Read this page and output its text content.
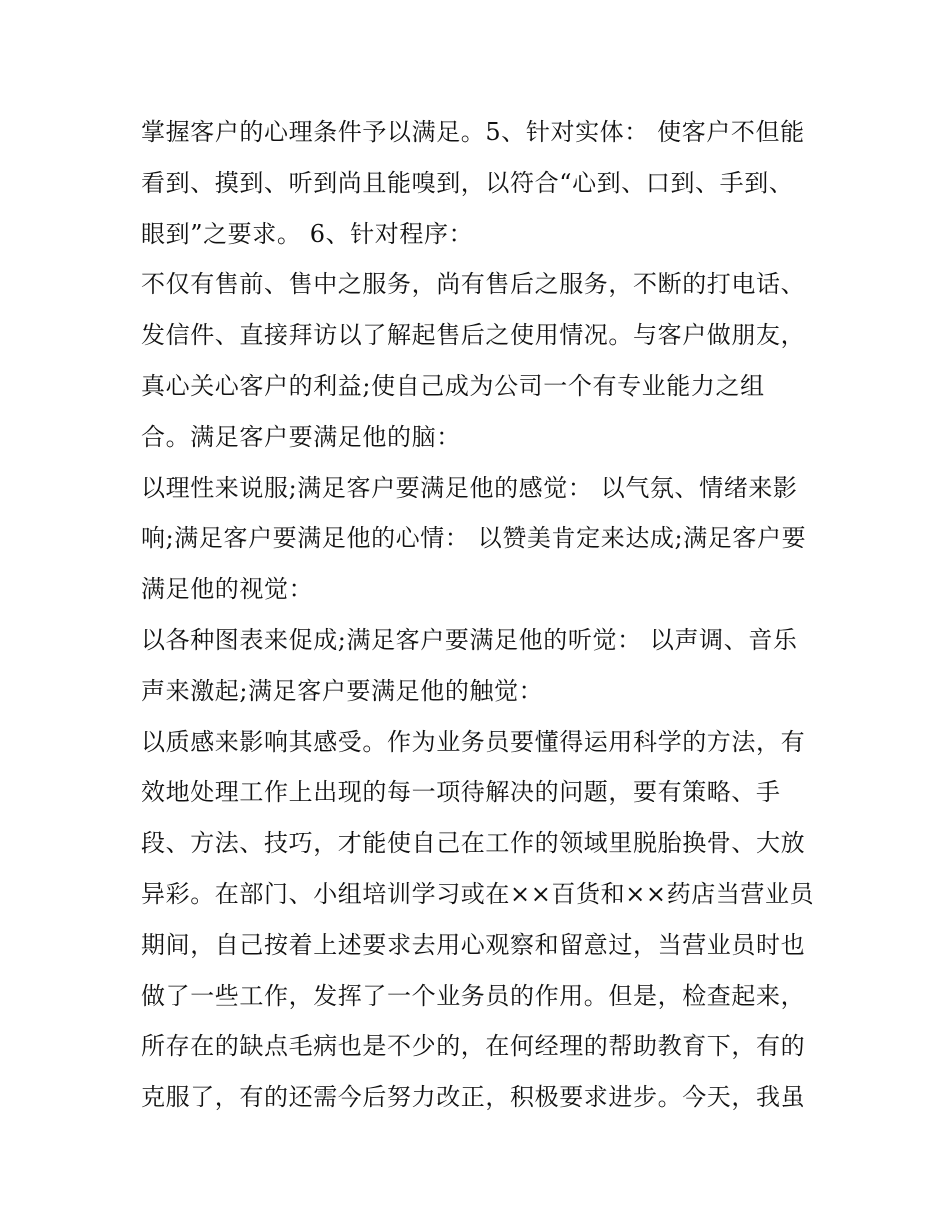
掌握客户的心理条件予以满足。5、针对实体： 使客户不但能
看到、摸到、听到尚且能嗅到，以符合“心到、口到、手到、
眼到”之要求。 6、针对程序：
不仅有售前、售中之服务，尚有售后之服务，不断的打电话、
发信件、直接拜访以了解起售后之使用情况。与客户做朋友，
真心关心客户的利益;使自己成为公司一个有专业能力之组
合。满足客户要满足他的脑：
以理性来说服;满足客户要满足他的感觉： 以气氛、情绪来影
响;满足客户要满足他的心情： 以赞美肯定来达成;满足客户要
满足他的视觉：
以各种图表来促成;满足客户要满足他的听觉： 以声调、音乐
声来激起;满足客户要满足他的触觉：
以质感来影响其感受。作为业务员要懂得运用科学的方法，有
效地处理工作上出现的每一项待解决的问题，要有策略、手
段、方法、技巧，才能使自己在工作的领域里脱胎换骨、大放
异彩。在部门、小组培训学习或在××百货和××药店当营业员
期间，自己按着上述要求去用心观察和留意过，当营业员时也
做了一些工作，发挥了一个业务员的作用。但是，检查起来，
所存在的缺点毛病也是不少的，在何经理的帮助教育下，有的
克服了，有的还需今后努力改正，积极要求进步。今天，我虽
